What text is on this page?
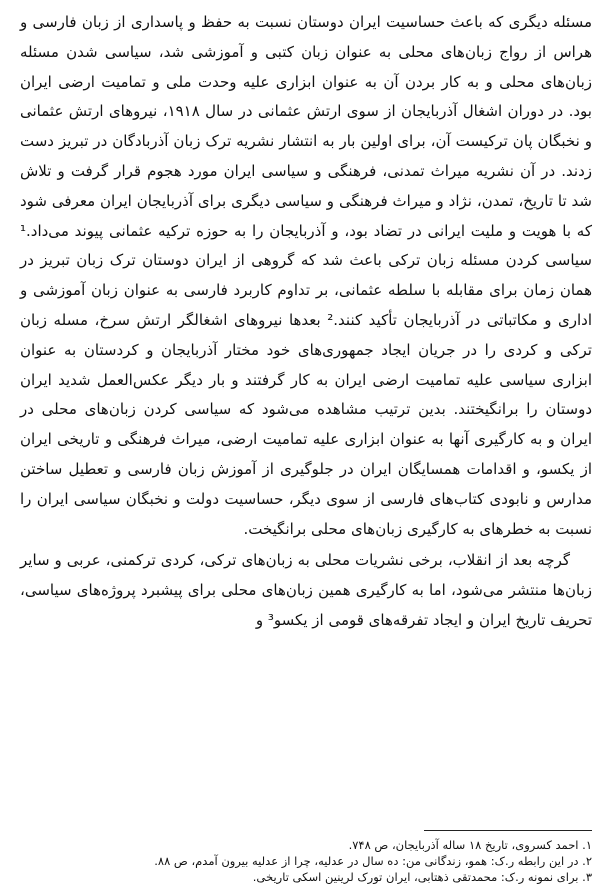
مسئله دیگری که باعث حساسیت ایران دوستان نسبت به حفظ و پاسداری از زبان فارسی و هراس از رواج زبان‌های محلی به عنوان زبان کتبی و آموزشی شد، سیاسی شدن مسئله زبان‌های محلی و به کار بردن آن به عنوان ابزاری علیه وحدت ملی و تمامیت ارضی ایران بود. در دوران اشغال آذربایجان از سوی ارتش عثمانی در سال ۱۹۱۸، نیروهای ارتش عثمانی و نخبگان پان ترکیست آن، برای اولین بار به انتشار نشریه ترک زبان آذربادگان در تبریز دست زدند. در آن نشریه میراث تمدنی، فرهنگی و سیاسی ایران مورد هجوم قرار گرفت و تلاش شد تا تاریخ، تمدن، نژاد و میراث فرهنگی و سیاسی دیگری برای آذربایجان ایران معرفی شود که با هویت و ملیت ایرانی در تضاد بود، و آذربایجان را به حوزه ترکیه عثمانی پیوند می‌داد.¹ سیاسی کردن مسئله زبان ترکی باعث شد که گروهی از ایران دوستان ترک زبان تبریز در همان زمان برای مقابله با سلطه عثمانی، بر تداوم کاربرد فارسی به عنوان زبان آموزشی و اداری و مکاتباتی در آذربایجان تأکید کنند.² بعدها نیروهای اشغالگر ارتش سرخ، مسله زبان ترکی و کردی را در جریان ایجاد جمهوری‌های خود مختار آذربایجان و کردستان به عنوان ابزاری سیاسی علیه تمامیت ارضی ایران به کار گرفتند و بار دیگر عکس‌العمل شدید ایران دوستان را برانگیختند. بدین ترتیب مشاهده می‌شود که سیاسی کردن زبان‌های محلی در ایران و به کارگیری آنها به عنوان ابزاری علیه تمامیت ارضی، میراث فرهنگی و تاریخی ایران از یکسو، و اقدامات همسایگان ایران در جلوگیری از آموزش زبان فارسی و تعطیل ساختن مدارس و نابودی کتاب‌های فارسی از سوی دیگر، حساسیت دولت و نخبگان سیاسی ایران را نسبت به خطرهای به کارگیری زبان‌های محلی برانگیخت.

گرچه بعد از انقلاب، برخی نشریات محلی به زبان‌های ترکی، کردی ترکمنی، عربی و سایر زبان‌ها منتشر می‌شود، اما به کارگیری همین زبان‌های محلی برای پیشبرد پروژه‌های سیاسی، تحریف تاریخ ایران و ایجاد تفرقه‌های قومی از یکسو³ و

۱. احمد کسروی، تاریخ ۱۸ ساله آذربایجان، ص ۷۴۸.
۲. در این رابطه ر.ک: همو، زندگانی من: ده سال در عدلیه، چرا از عدلیه بیرون آمدم، ص ۸۸.
۳. برای نمونه ر.ک: محمدتقی ذهتابی، ایران تورک لرینین اسکی تاریخی.
